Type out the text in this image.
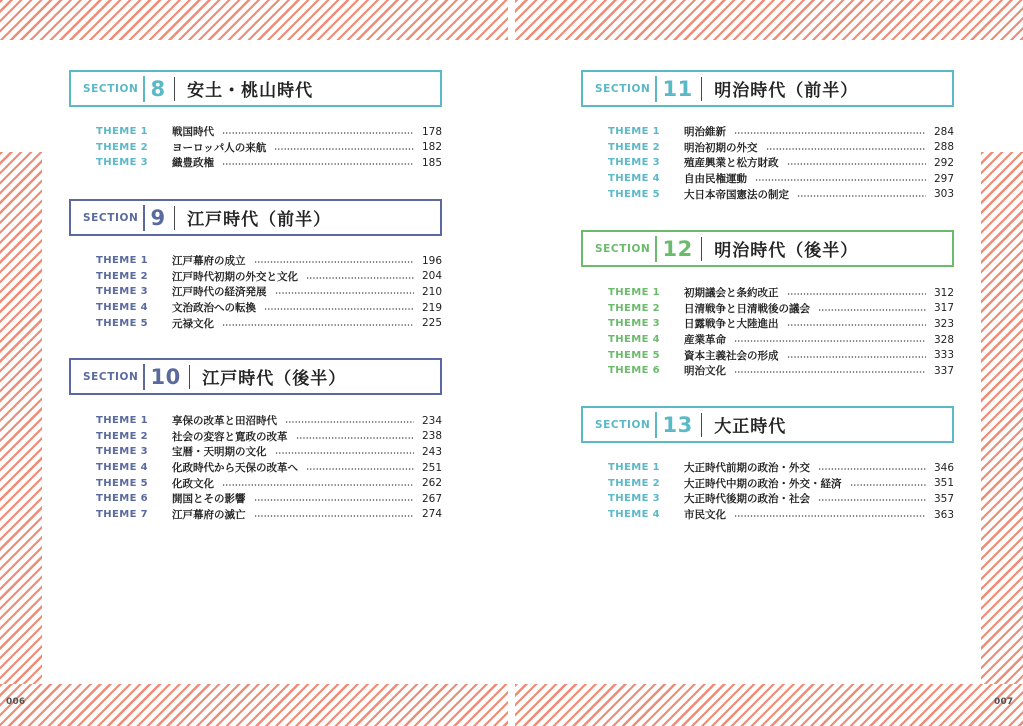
006	007
SECTION 8	安土・桃山時代
THEME 1	戦国時代	178
THEME 2	ヨーロッパ人の来航	182
THEME 3	織豊政権	185
SECTION 9	江戸時代（前半）
THEME 1	江戸幕府の成立	196
THEME 2	江戸時代初期の外交と文化	204
THEME 3	江戸時代の経済発展	210
THEME 4	文治政治への転換	219
THEME 5	元禄文化	225
SECTION 10	江戸時代（後半）
THEME 1	享保の改革と田沼時代	234
THEME 2	社会の変容と寛政の改革	238
THEME 3	宝暦・天明期の文化	243
THEME 4	化政時代から天保の改革へ	251
THEME 5	化政文化	262
THEME 6	開国とその影響	267
THEME 7	江戸幕府の滅亡	274
SECTION 11	明治時代（前半）
THEME 1	明治維新	284
THEME 2	明治初期の外交	288
THEME 3	殖産興業と松方財政	292
THEME 4	自由民権運動	297
THEME 5	大日本帝国憲法の制定	303
SECTION 12	明治時代（後半）
THEME 1	初期議会と条約改正	312
THEME 2	日清戦争と日清戦後の議会	317
THEME 3	日露戦争と大陸進出	323
THEME 4	産業革命	328
THEME 5	資本主義社会の形成	333
THEME 6	明治文化	337
SECTION 13	大正時代
THEME 1	大正時代前期の政治・外交	346
THEME 2	大正時代中期の政治・外交・経済	351
THEME 3	大正時代後期の政治・社会	357
THEME 4	市民文化	363
